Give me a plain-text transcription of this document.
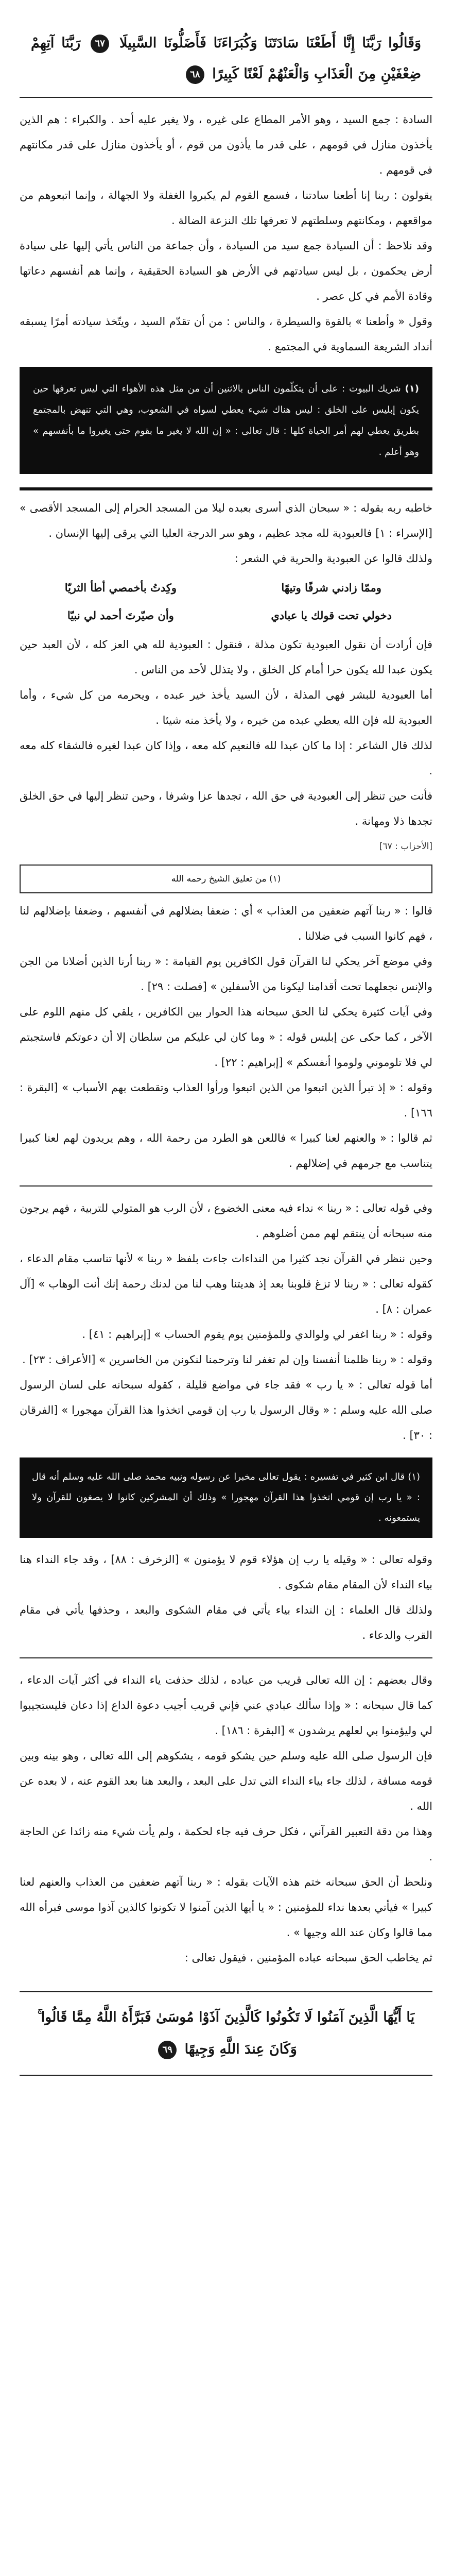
وَقَالُوا رَبَّنَا إِنَّا أَطَعْنَا سَادَتَنَا وَكُبَرَاءَنَا فَأَضَلُّونَا السَّبِيلَا ٦٧ رَبَّنَا آتِهِمْ ضِعْفَيْنِ مِنَ الْعَذَابِ وَالْعَنْهُمْ لَعْنًا كَبِيرًا ٦٨

السادة : جمع السيد ، وهو الأمر المطاع على غيره ، ولا يغير عليه أحد . والكبراء : هم الذين يأخذون منازل في قومهم ، على قدر ما يأذون من قوم ، أو يأخذون منازل على قدر مكانتهم في قومهم .

يقولون : ربنا إنا أطعنا سادتنا ، فسمع القوم لم يكبروا الغفلة ولا الجهالة ، وإنما اتبعوهم من مواقعهم ، ومكانتهم وسلطتهم لا تعرفها تلك النزعة الضالة .

وقد نلاحظ : أن السيادة جمع سيد من السيادة ، وأن جماعة من الناس يأتي إليها على سيادة أرض يحكمون ، بل ليس سيادتهم في الأرض هو السيادة الحقيقية ، وإنما هم أنفسهم دعاتها وقادة الأمم في كل عصر .

وقول « وأطعنا » بالقوة والسيطرة ، والناس : من أن تقدّم السيد ، ويتّخذ سيادته أمرًا يسبقه أنداد الشريعة السماوية في المجتمع .

(١) شريك البيوت : على أن يتكلّمون الناس بالاثنين أن من مثل هذه الأهواء التي ليس تعرفها حين يكون إبليس على الخلق : ليس هناك شيء يعطي لسواه في الشعوب، وهي التي تنهض بالمجتمع بطريق يعطي لهم أمر الحياة كلها : قال تعالى : « إن الله لا يغير ما بقوم حتى يغيروا ما بأنفسهم » وهو أعلم .

خاطبه ربه بقوله : « سبحان الذي أسرى بعبده ليلا من المسجد الحرام إلى المسجد الأقصى » [الإسراء : ١] فالعبودية لله مجد عظيم ، وهو سر الدرجة العليا التي يرقى إليها الإنسان .

ولذلك قالوا عن العبودية والحرية في الشعر :

وممّا زادني شرفًا وتيهًا
وكِدتُ بأخمصي أطأ الثريّا
دخولي تحت قولك يا عبادي
وأن صيّرتَ أحمد لي نبيّا

فإن أرادت أن نقول العبودية تكون مذلة ، فنقول : العبودية لله هي العز كله ، لأن العبد حين يكون عبدا لله يكون حرا أمام كل الخلق ، ولا يتذلل لأحد من الناس .

أما العبودية للبشر فهي المذلة ، لأن السيد يأخذ خير عبده ، ويحرمه من كل شيء ، وأما العبودية لله فإن الله يعطي عبده من خيره ، ولا يأخذ منه شيئا .

لذلك قال الشاعر : إذا ما كان عبدا لله فالنعيم كله معه ، وإذا كان عبدا لغيره فالشقاء كله معه .

فأنت حين تنظر إلى العبودية في حق الله ، تجدها عزا وشرفا ، وحين تنظر إليها في حق الخلق تجدها ذلا ومهانة .

[الأحزاب : ٦٧]

(١) من تعليق الشيخ رحمه الله

قالوا : « ربنا آتهم ضعفين من العذاب » أي : ضعفا بضلالهم في أنفسهم ، وضعفا بإضلالهم لنا ، فهم كانوا السبب في ضلالنا .

وفي موضع آخر يحكي لنا القرآن قول الكافرين يوم القيامة : « ربنا أرنا الذين أضلانا من الجن والإنس نجعلهما تحت أقدامنا ليكونا من الأسفلين » [فصلت : ٢٩] .

وفي آيات كثيرة يحكي لنا الحق سبحانه هذا الحوار بين الكافرين ، يلقي كل منهم اللوم على الآخر ، كما حكى عن إبليس قوله : « وما كان لي عليكم من سلطان إلا أن دعوتكم فاستجبتم لي فلا تلوموني ولوموا أنفسكم » [إبراهيم : ٢٢] .

وقوله : « إذ تبرأ الذين اتبعوا من الذين اتبعوا ورأوا العذاب وتقطعت بهم الأسباب » [البقرة : ١٦٦] .

ثم قالوا : « والعنهم لعنا كبيرا » فاللعن هو الطرد من رحمة الله ، وهم يريدون لهم لعنا كبيرا يتناسب مع جرمهم في إضلالهم .

وفي قوله تعالى : « ربنا » نداء فيه معنى الخضوع ، لأن الرب هو المتولي للتربية ، فهم يرجون منه سبحانه أن ينتقم لهم ممن أضلوهم .

وحين ننظر في القرآن نجد كثيرا من النداءات جاءت بلفظ « ربنا » لأنها تناسب مقام الدعاء ، كقوله تعالى : « ربنا لا تزغ قلوبنا بعد إذ هديتنا وهب لنا من لدنك رحمة إنك أنت الوهاب » [آل عمران : ٨] .

وقوله : « ربنا اغفر لي ولوالدي وللمؤمنين يوم يقوم الحساب » [إبراهيم : ٤١] .

وقوله : « ربنا ظلمنا أنفسنا وإن لم تغفر لنا وترحمنا لنكونن من الخاسرين » [الأعراف : ٢٣] .

أما قوله تعالى : « يا رب » فقد جاء في مواضع قليلة ، كقوله سبحانه على لسان الرسول صلى الله عليه وسلم : « وقال الرسول يا رب إن قومي اتخذوا هذا القرآن مهجورا » [الفرقان : ٣٠] .

(١) قال ابن كثير في تفسيره : يقول تعالى مخبرا عن رسوله ونبيه محمد صلى الله عليه وسلم أنه قال : « يا رب إن قومي اتخذوا هذا القرآن مهجورا » وذلك أن المشركين كانوا لا يصغون للقرآن ولا يستمعونه .

وقوله تعالى : « وقيله يا رب إن هؤلاء قوم لا يؤمنون » [الزخرف : ٨٨] ، وقد جاء النداء هنا بياء النداء لأن المقام مقام شكوى .

ولذلك قال العلماء : إن النداء بياء يأتي في مقام الشكوى والبعد ، وحذفها يأتي في مقام القرب والدعاء .

وقال بعضهم : إن الله تعالى قريب من عباده ، لذلك حذفت ياء النداء في أكثر آيات الدعاء ، كما قال سبحانه : « وإذا سألك عبادي عني فإني قريب أجيب دعوة الداع إذا دعان فليستجيبوا لي وليؤمنوا بي لعلهم يرشدون » [البقرة : ١٨٦] .

فإن الرسول صلى الله عليه وسلم حين يشكو قومه ، يشكوهم إلى الله تعالى ، وهو بينه وبين قومه مسافة ، لذلك جاء بياء النداء التي تدل على البعد ، والبعد هنا بعد القوم عنه ، لا بعده عن الله .

وهذا من دقة التعبير القرآني ، فكل حرف فيه جاء لحكمة ، ولم يأت شيء منه زائدا عن الحاجة .

ونلحظ أن الحق سبحانه ختم هذه الآيات بقوله : « ربنا آتهم ضعفين من العذاب والعنهم لعنا كبيرا » فيأتي بعدها نداء للمؤمنين : « يا أيها الذين آمنوا لا تكونوا كالذين آذوا موسى فبرأه الله مما قالوا وكان عند الله وجيها » .

ثم يخاطب الحق سبحانه عباده المؤمنين ، فيقول تعالى :

يَا أَيُّهَا الَّذِينَ آمَنُوا لَا تَكُونُوا كَالَّذِينَ آذَوْا مُوسَىٰ فَبَرَّأَهُ اللَّهُ مِمَّا قَالُوا ۚ وَكَانَ عِندَ اللَّهِ وَجِيهًا ٦٩
